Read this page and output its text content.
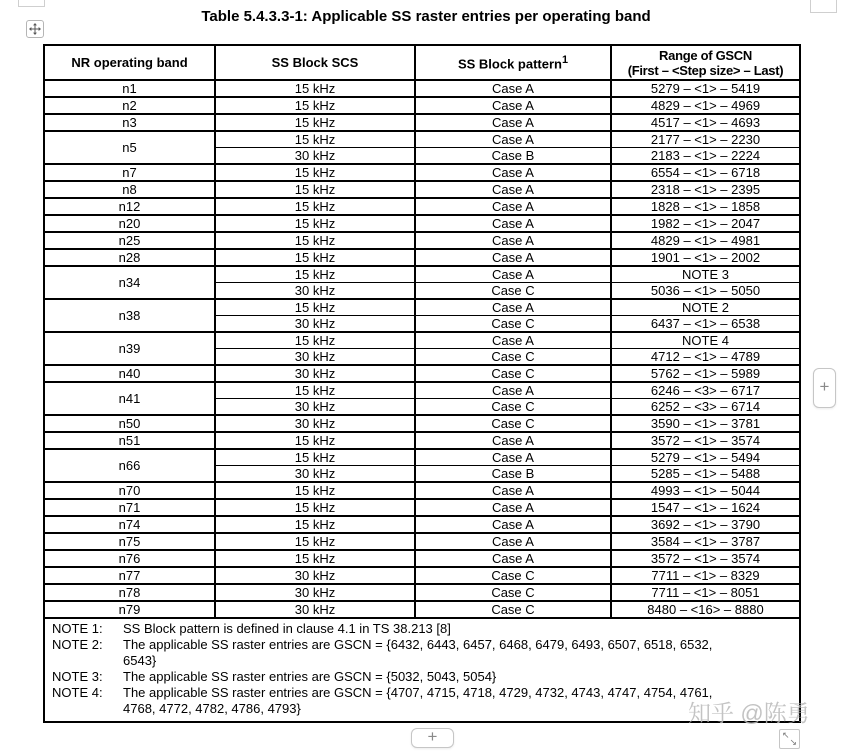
Table 5.4.3.3-1: Applicable SS raster entries per operating band
NR operating band	SS Block SCS	SS Block pattern$^1$	Range of GSCN
(First – <Step size> – Last)

n1	15 kHz	Case A	5279 – <1> – 5419
n2	15 kHz	Case A	4829 – <1> – 4969
n3	15 kHz	Case A	4517 – <1> – 4693
n5	15 kHz	Case A	2177 – <1> – 2230
	30 kHz	Case B	2183 – <1> – 2224
n7	15 kHz	Case A	6554 – <1> – 6718
n8	15 kHz	Case A	2318 – <1> – 2395
n12	15 kHz	Case A	1828 – <1> – 1858
n20	15 kHz	Case A	1982 – <1> – 2047
n25	15 kHz	Case A	4829 – <1> – 4981
n28	15 kHz	Case A	1901 – <1> – 2002
n34	15 kHz	Case A	NOTE 3
	30 kHz	Case C	5036 – <1> – 5050
n38	15 kHz	Case A	NOTE 2
	30 kHz	Case C	6437 – <1> – 6538
n39	15 kHz	Case A	NOTE 4
	30 kHz	Case C	4712 – <1> – 4789
n40	30 kHz	Case C	5762 – <1> – 5989
n41	15 kHz	Case A	6246 – <3> – 6717
	30 kHz	Case C	6252 – <3> – 6714
n50	30 kHz	Case C	3590 – <1> – 3781
n51	15 kHz	Case A	3572 – <1> – 3574
n66	15 kHz	Case A	5279 – <1> – 5494
	30 kHz	Case B	5285 – <1> – 5488
n70	15 kHz	Case A	4993 – <1> – 5044
n71	15 kHz	Case A	1547 – <1> – 1624
n74	15 kHz	Case A	3692 – <1> – 3790
n75	15 kHz	Case A	3584 – <1> – 3787
n76	15 kHz	Case A	3572 – <1> – 3574
n77	30 kHz	Case C	7711 – <1> – 8329
n78	30 kHz	Case C	7711 – <1> – 8051
n79	30 kHz	Case C	8480 – <16> – 8880
NOTE 1: SS Block pattern is defined in clause 4.1 in TS 38.213 [8]
NOTE 2: The applicable SS raster entries are GSCN = {6432, 6443, 6457, 6468, 6479, 6493, 6507, 6518, 6532,
6543}
NOTE 3: The applicable SS raster entries are GSCN = {5032, 5043, 5054}
NOTE 4: The applicable SS raster entries are GSCN = {4707, 4715, 4718, 4729, 4732, 4743, 4747, 4754, 4761,
4768, 4772, 4782, 4786, 4793}
+
+	↖
↘
知乎 @陈勇
